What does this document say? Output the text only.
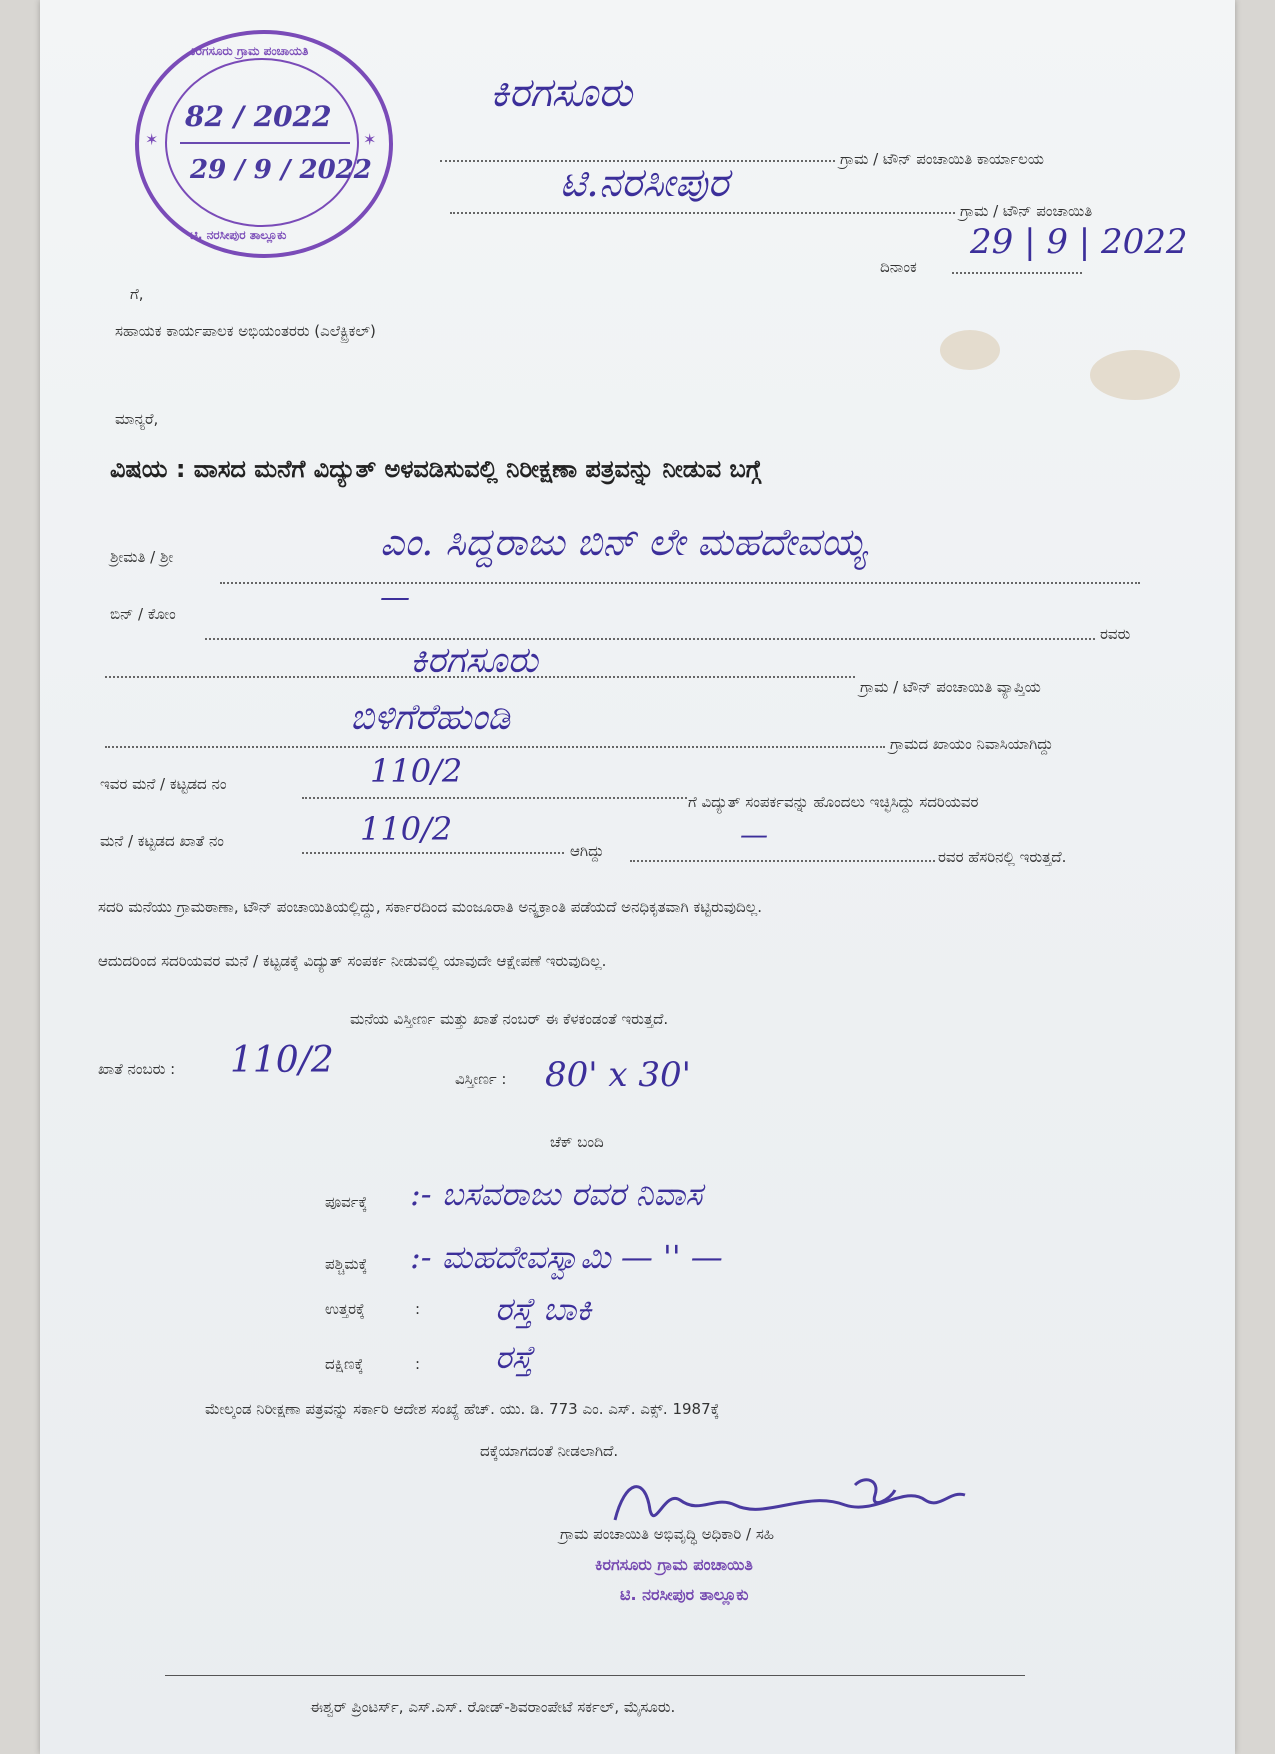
ಕಿರಗಸೂರು ಗ್ರಾಮ ಪಂಚಾಯತಿ
ಟಿ. ನರಸೀಪುರ ತಾಲ್ಲೂಕು
82 / 2022
29 / 9 / 2022
✶	✶
ಕಿರಗಸೂರು
ಗ್ರಾಮ / ಟೌನ್ ಪಂಚಾಯಿತಿ ಕಾರ್ಯಾಲಯ
ಟಿ.ನರಸೀಪುರ
ಗ್ರಾಮ / ಟೌನ್ ಪಂಚಾಯಿತಿ
ದಿನಾಂಕ
29 | 9 | 2022
ಗೆ,
ಸಹಾಯಕ ಕಾರ್ಯಪಾಲಕ ಅಭಿಯಂತರರು (ಎಲೆಕ್ಟ್ರಿಕಲ್)
ಮಾನ್ಯರೆ,
ವಿಷಯ : ವಾಸದ ಮನೆಗೆ ವಿದ್ಯುತ್ ಅಳವಡಿಸುವಲ್ಲಿ ನಿರೀಕ್ಷಣಾ ಪತ್ರವನ್ನು ನೀಡುವ ಬಗ್ಗೆ
ಶ್ರೀಮತಿ / ಶ್ರೀ	ಎಂ. ಸಿದ್ದರಾಜು ಬಿನ್ ಲೇ ಮಹದೇವಯ್ಯ
ಬಿನ್ / ಕೋಂ	—
ರವರು
ಕಿರಗಸೂರು
ಗ್ರಾಮ / ಟೌನ್ ಪಂಚಾಯಿತಿ ವ್ಯಾಪ್ತಿಯ
ಬಿಳಿಗೆರೆಹುಂಡಿ
ಗ್ರಾಮದ ಖಾಯಂ ನಿವಾಸಿಯಾಗಿದ್ದು
ಇವರ ಮನೆ / ಕಟ್ಟಡದ ನಂ	110/2
ಗೆ ವಿದ್ಯುತ್ ಸಂಪರ್ಕವನ್ನು ಹೊಂದಲು ಇಚ್ಛಿಸಿದ್ದು ಸದರಿಯವರ
ಮನೆ / ಕಟ್ಟಡದ ಖಾತೆ ನಂ	110/2
ಆಗಿದ್ದು	—
ರವರ ಹೆಸರಿನಲ್ಲಿ ಇರುತ್ತದೆ.
ಸದರಿ ಮನೆಯು ಗ್ರಾಮಠಾಣಾ, ಟೌನ್ ಪಂಚಾಯಿತಿಯಲ್ಲಿದ್ದು, ಸರ್ಕಾರದಿಂದ ಮಂಜೂರಾತಿ ಅನ್ಯಕ್ರಾಂತಿ ಪಡೆಯದೆ ಅನಧಿಕೃತವಾಗಿ ಕಟ್ಟಿರುವುದಿಲ್ಲ.
ಆದುದರಿಂದ ಸದರಿಯವರ ಮನೆ / ಕಟ್ಟಡಕ್ಕೆ ವಿದ್ಯುತ್ ಸಂಪರ್ಕ ನೀಡುವಲ್ಲಿ ಯಾವುದೇ ಆಕ್ಷೇಪಣೆ ಇರುವುದಿಲ್ಲ.
ಮನೆಯ ವಿಸ್ತೀರ್ಣ ಮತ್ತು ಖಾತೆ ನಂಬರ್ ಈ ಕೆಳಕಂಡಂತೆ ಇರುತ್ತದೆ.
ಖಾತೆ ನಂಬರು : 110/2	ವಿಸ್ತೀರ್ಣ : 80' x 30'
ಚೆಕ್ ಬಂದಿ
ಪೂರ್ವಕ್ಕೆ :- ಬಸವರಾಜು ರವರ ನಿವಾಸ
ಪಶ್ಚಿಮಕ್ಕೆ :- ಮಹದೇವಸ್ವಾಮಿ — '' —
ಉತ್ತರಕ್ಕೆ	: ರಸ್ತೆ ಬಾಕಿ
ದಕ್ಷಿಣಕ್ಕೆ	: ರಸ್ತೆ
ಮೇಲ್ಕಂಡ ನಿರೀಕ್ಷಣಾ ಪತ್ರವನ್ನು ಸರ್ಕಾರಿ ಆದೇಶ ಸಂಖ್ಯೆ ಹೆಚ್. ಯು. ಡಿ. 773 ಎಂ. ಎಸ್. ಎಕ್ಸ್. 1987ಕ್ಕೆ
ದಕ್ಕೆಯಾಗದಂತೆ ನೀಡಲಾಗಿದೆ.
ಗ್ರಾಮ ಪಂಚಾಯಿತಿ ಅಭಿವೃದ್ಧಿ ಅಧಿಕಾರಿ / ಸಹಿ
ಕಿರಗಸೂರು ಗ್ರಾಮ ಪಂಚಾಯಿತಿ
ಟಿ. ನರಸೀಪುರ ತಾಲ್ಲೂಕು
ಈಶ್ವರ್ ಪ್ರಿಂಟರ್ಸ್, ಎಸ್.ಎಸ್. ರೋಡ್-ಶಿವರಾಂಪೇಟೆ ಸರ್ಕಲ್, ಮೈಸೂರು.
